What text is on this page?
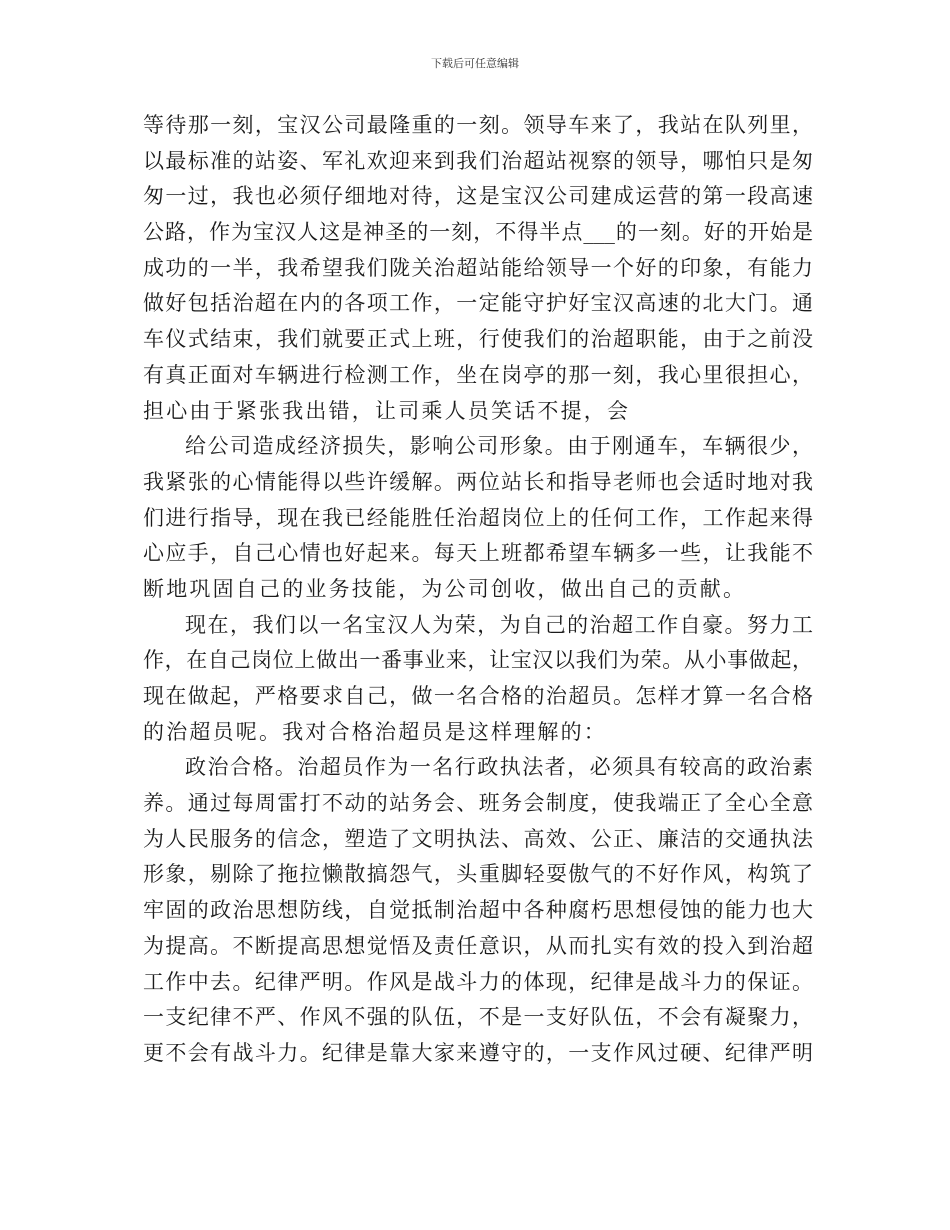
下载后可任意编辑
等待那一刻，宝汉公司最隆重的一刻。领导车来了，我站在队列里，
以最标准的站姿、军礼欢迎来到我们治超站视察的领导，哪怕只是匆
匆一过，我也必须仔细地对待，这是宝汉公司建成运营的第一段高速
公路，作为宝汉人这是神圣的一刻，不得半点___的一刻。好的开始是
成功的一半，我希望我们陇关治超站能给领导一个好的印象，有能力
做好包括治超在内的各项工作，一定能守护好宝汉高速的北大门。通
车仪式结束，我们就要正式上班，行使我们的治超职能，由于之前没
有真正面对车辆进行检测工作，坐在岗亭的那一刻，我心里很担心，
担心由于紧张我出错，让司乘人员笑话不提，会
给公司造成经济损失，影响公司形象。由于刚通车，车辆很少，
我紧张的心情能得以些许缓解。两位站长和指导老师也会适时地对我
们进行指导，现在我已经能胜任治超岗位上的任何工作，工作起来得
心应手，自己心情也好起来。每天上班都希望车辆多一些，让我能不
断地巩固自己的业务技能，为公司创收，做出自己的贡献。
现在，我们以一名宝汉人为荣，为自己的治超工作自豪。努力工
作，在自己岗位上做出一番事业来，让宝汉以我们为荣。从小事做起，
现在做起，严格要求自己，做一名合格的治超员。怎样才算一名合格
的治超员呢。我对合格治超员是这样理解的：
政治合格。治超员作为一名行政执法者，必须具有较高的政治素
养。通过每周雷打不动的站务会、班务会制度，使我端正了全心全意
为人民服务的信念，塑造了文明执法、高效、公正、廉洁的交通执法
形象，剔除了拖拉懒散搞怨气，头重脚轻耍傲气的不好作风，构筑了
牢固的政治思想防线，自觉抵制治超中各种腐朽思想侵蚀的能力也大
为提高。不断提高思想觉悟及责任意识，从而扎实有效的投入到治超
工作中去。纪律严明。作风是战斗力的体现，纪律是战斗力的保证。
一支纪律不严、作风不强的队伍，不是一支好队伍，不会有凝聚力，
更不会有战斗力。纪律是靠大家来遵守的，一支作风过硬、纪律严明
